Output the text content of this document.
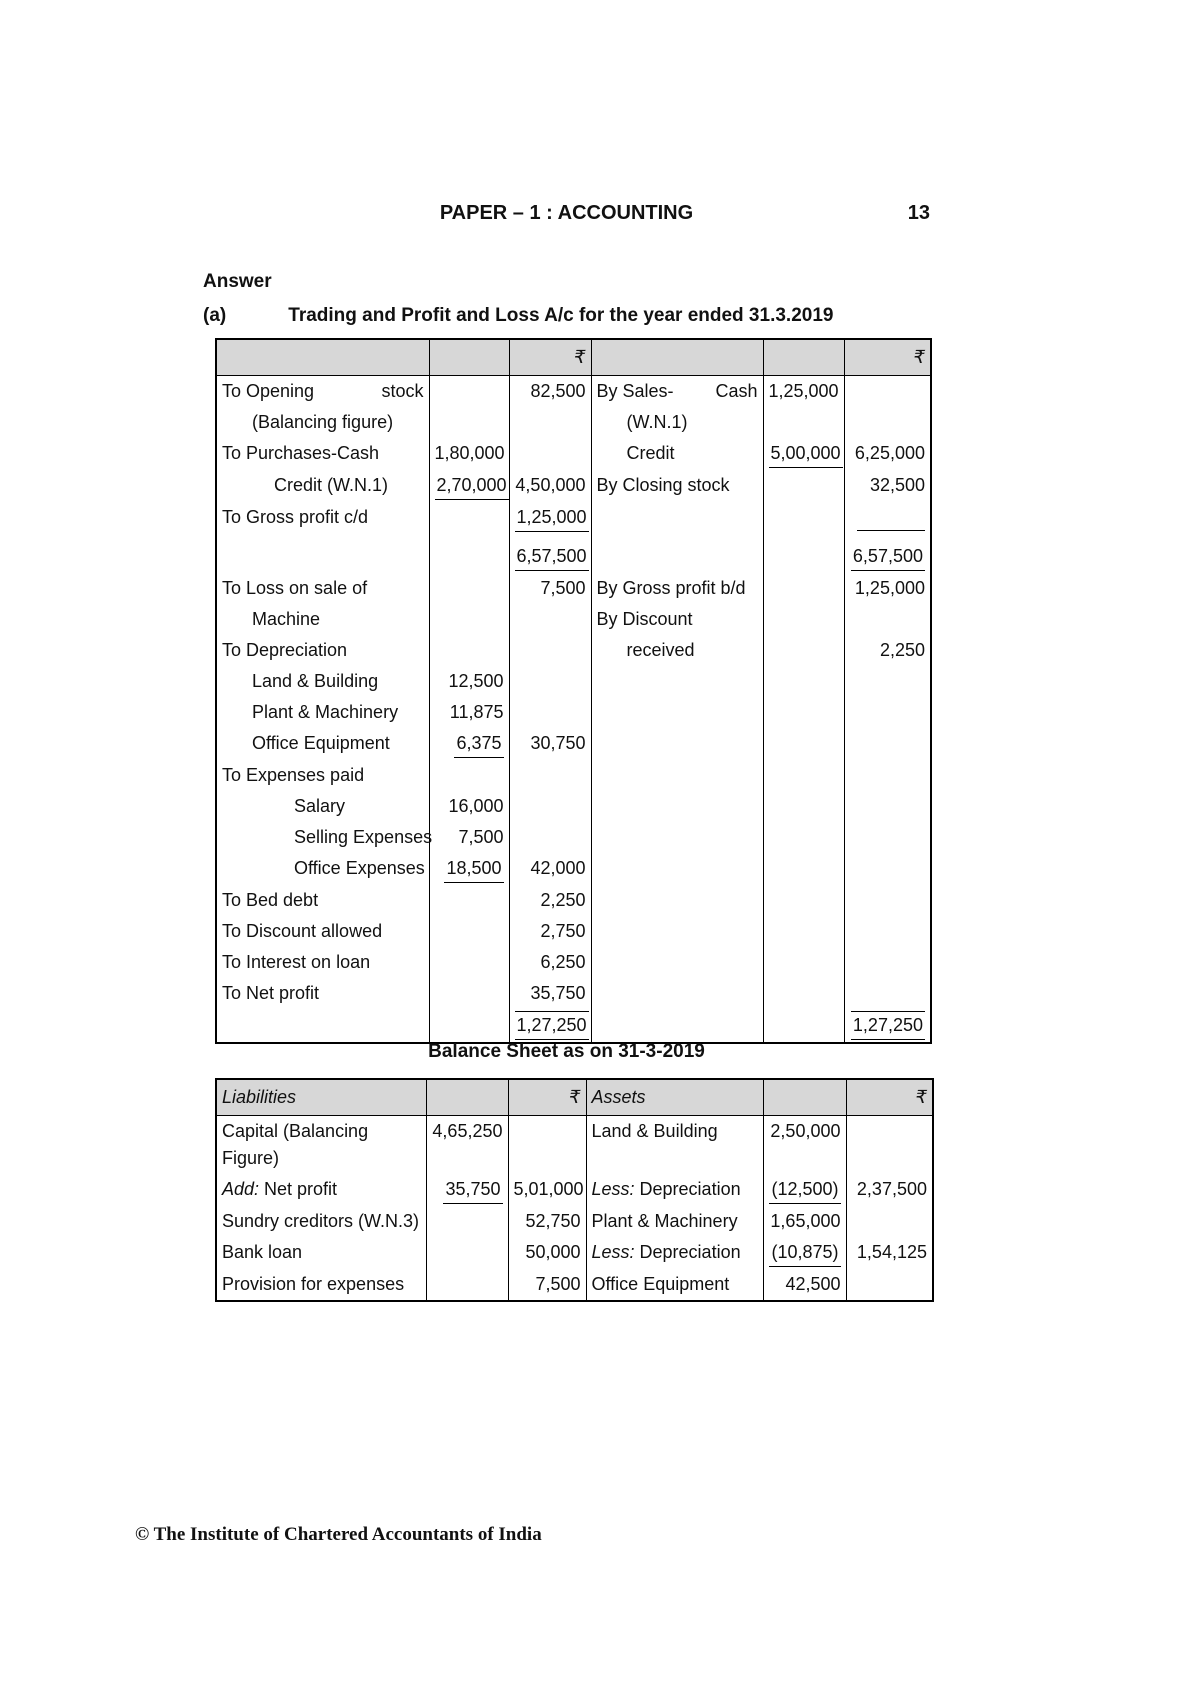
PAPER – 1 : ACCOUNTING	13
Answer
(a)	Trading and Profit and Loss A/c for the year ended 31.3.2019
		₹			₹

To Opening stock		82,500	By Sales- Cash	1,25,000	
(Balancing figure)			(W.N.1)		
To Purchases-Cash	1,80,000		Credit	5,00,000	6,25,000
Credit (W.N.1)	2,70,000	4,50,000	By Closing stock		32,500
To Gross profit c/d		1,25,000			
		6,57,500			6,57,500
To Loss on sale of		7,500	By Gross profit b/d		1,25,000
Machine			By Discount		
To Depreciation			received		2,250
Land & Building	12,500				
Plant & Machinery	11,875				
Office Equipment	6,375	30,750			
To Expenses paid					
Salary	16,000				
Selling Expenses	7,500				
Office Expenses	18,500	42,000			
To Bed debt		2,250			
To Discount allowed		2,750			
To Interest on loan		6,250			
To Net profit		35,750			
		1,27,250			1,27,250
Balance Sheet as on 31-3-2019
Liabilities		₹	Assets		₹
Capital (Balancing Figure)	4,65,250		Land & Building	2,50,000	
Add: Net profit	35,750	5,01,000	Less: Depreciation	(12,500)	2,37,500
Sundry creditors (W.N.3)		52,750	Plant & Machinery	1,65,000	
Bank loan		50,000	Less: Depreciation	(10,875)	1,54,125
Provision for expenses		7,500	Office Equipment	42,500	
© The Institute of Chartered Accountants of India
